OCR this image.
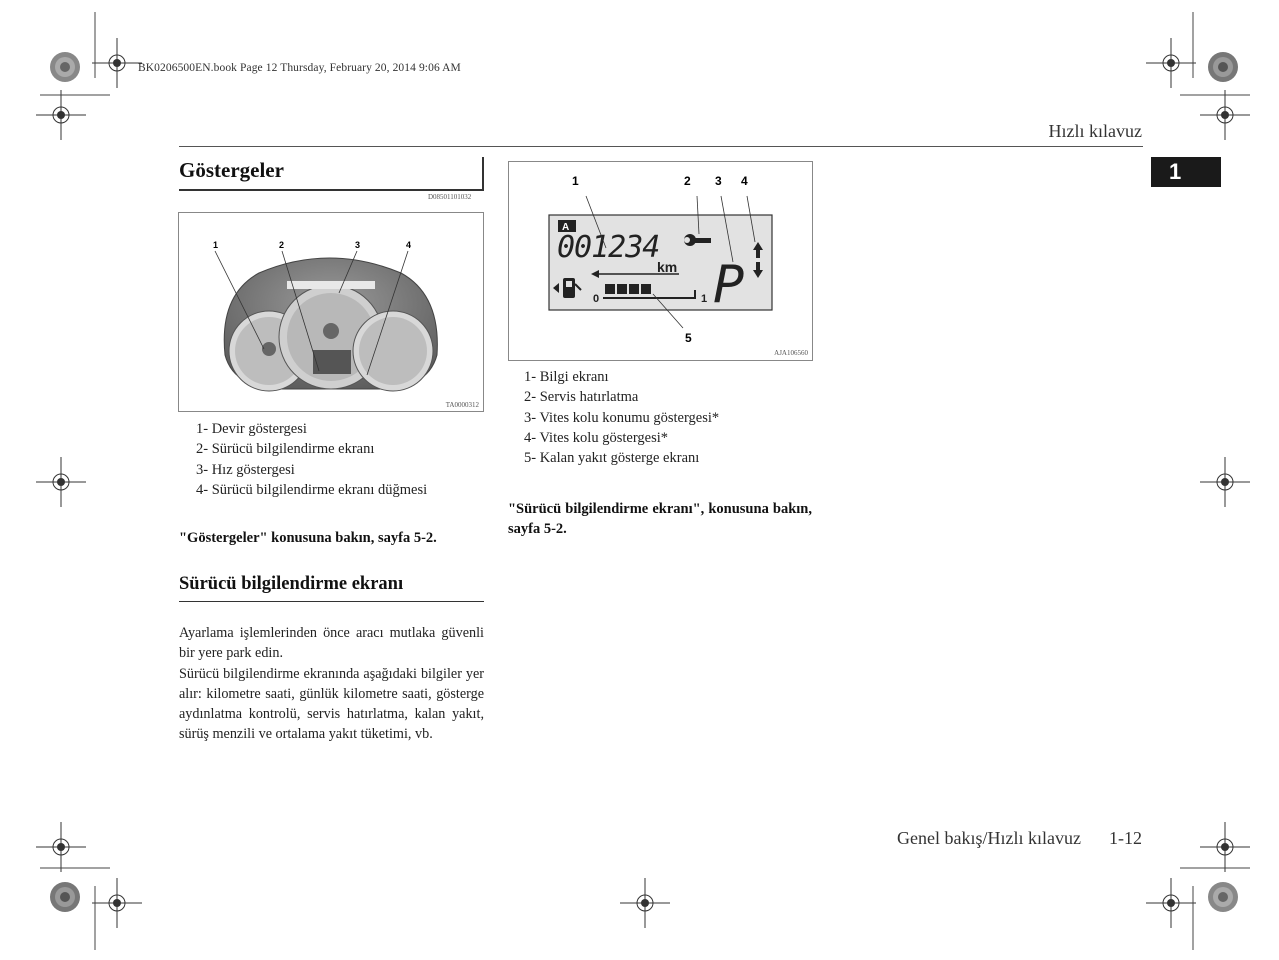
BK0206500EN.book Page 12 Thursday, February 20, 2014 9:06 AM
Hızlı kılavuz
1
Göstergeler
D08501101032
1	2	3	4
TA0000312
1- Devir göstergesi
2- Sürücü bilgilendirme ekranı
3- Hız göstergesi
4- Sürücü bilgilendirme ekranı düğmesi
"Göstergeler" konusuna bakın, sayfa 5-2.
Sürücü bilgilendirme ekranı

Ayarlama işlemlerinden önce aracı mutlaka güvenli bir yere park edin.

Sürücü bilgilendirme ekranında aşağıdaki bilgiler yer alır: kilometre saati, günlük kilometre saati, gösterge aydınlatma kontrolü, servis hatırlatma, kalan yakıt, sürüş menzili ve ortalama yakıt tüketimi, vb.

A
001234
km P
0	1
1	2 3 4
5
AJA106560
1- Bilgi ekranı
2- Servis hatırlatma
3- Vites kolu konumu göstergesi*
4- Vites kolu göstergesi*
5- Kalan yakıt gösterge ekranı
"Sürücü bilgilendirme ekranı", konusuna bakın, sayfa 5-2.
Genel bakış/Hızlı kılavuz 1-12
